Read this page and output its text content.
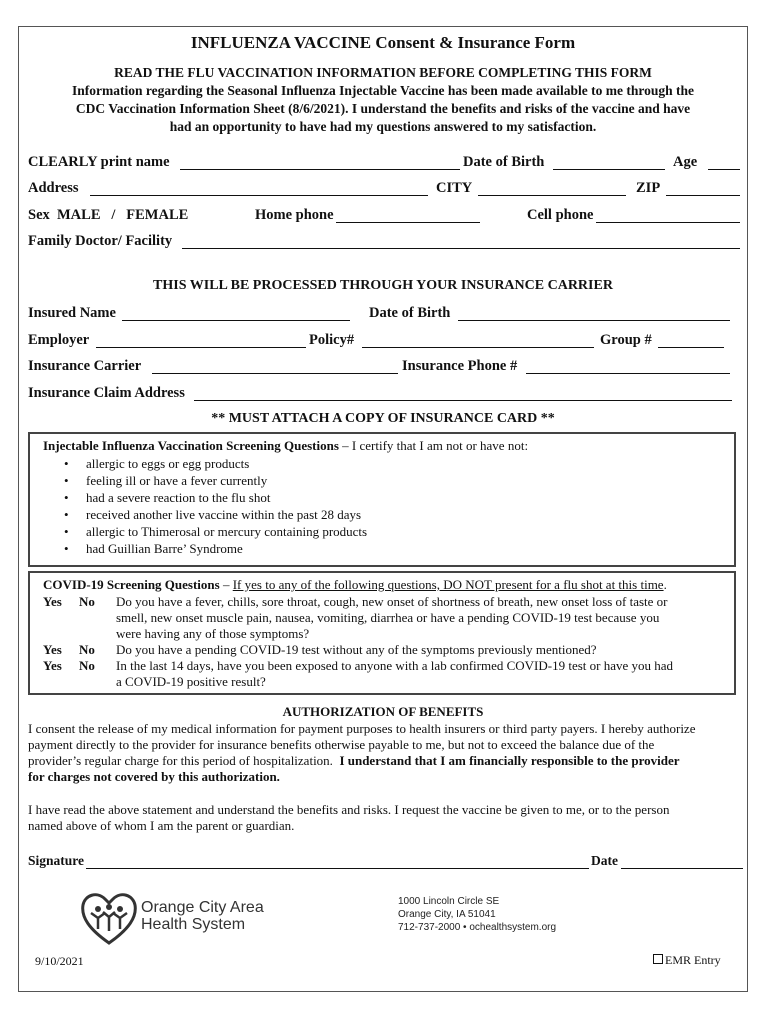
INFLUENZA VACCINE Consent & Insurance Form
READ THE FLU VACCINATION INFORMATION BEFORE COMPLETING THIS FORM
Information regarding the Seasonal Influenza Injectable Vaccine has been made available to me through the
CDC Vaccination Information Sheet (8/6/2021). I understand the benefits and risks of the vaccine and have
had an opportunity to have had my questions answered to my satisfaction.
CLEARLY print name	Date of Birth	Age
Address	CITY	ZIP
Sex  MALE   /   FEMALE	Home phone	Cell phone
Family Doctor/ Facility
THIS WILL BE PROCESSED THROUGH YOUR INSURANCE CARRIER
Insured Name	Date of Birth
Employer	Policy#	Group #
Insurance Carrier	Insurance Phone #
Insurance Claim Address
** MUST ATTACH A COPY OF INSURANCE CARD **
Injectable Influenza Vaccination Screening Questions – I certify that I am not or have not:
• allergic to eggs or egg products
• feeling ill or have a fever currently
• had a severe reaction to the flu shot
• received another live vaccine within the past 28 days
• allergic to Thimerosal or mercury containing products
• had Guillian Barre’ Syndrome
COVID-19 Screening Questions – If yes to any of the following questions, DO NOT present for a flu shot at this time.
Yes No Do you have a fever, chills, sore throat, cough, new onset of shortness of breath, new onset loss of taste or
smell, new onset muscle pain, nausea, vomiting, diarrhea or have a pending COVID-19 test because you
were having any of those symptoms?
Yes No Do you have a pending COVID-19 test without any of the symptoms previously mentioned?
Yes No In the last 14 days, have you been exposed to anyone with a lab confirmed COVID-19 test or have you had
a COVID-19 positive result?
AUTHORIZATION OF BENEFITS
I consent the release of my medical information for payment purposes to health insurers or third party payers. I hereby authorize
payment directly to the provider for insurance benefits otherwise payable to me, but not to exceed the balance due of the
provider’s regular charge for this period of hospitalization.  I understand that I am financially responsible to the provider
for charges not covered by this authorization.
I have read the above statement and understand the benefits and risks. I request the vaccine be given to me, or to the person
named above of whom I am the parent or guardian.
Signature	Date
Orange City Area
Health System
1000 Lincoln Circle SE
Orange City, IA 51041
712-737-2000 • ochealthsystem.org
9/10/2021	EMR Entry
